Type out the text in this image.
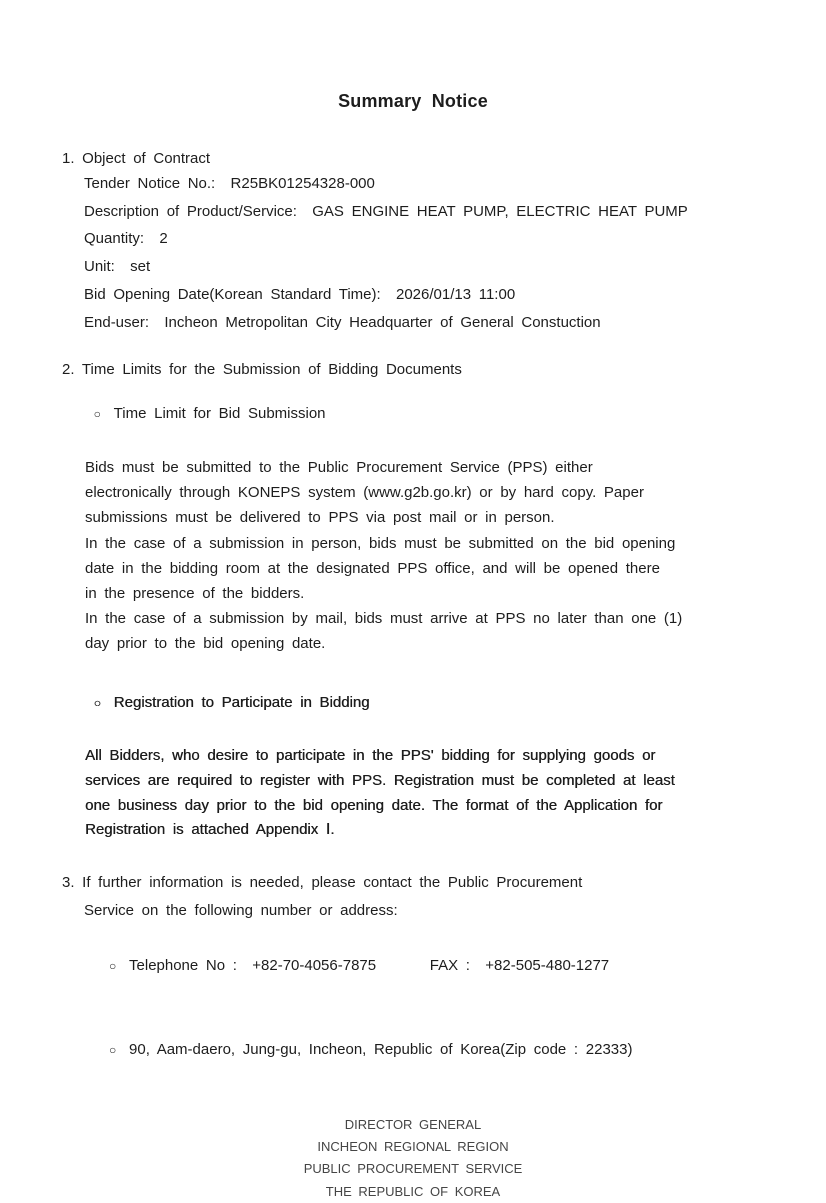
Summary Notice
1. Object of Contract
Tender Notice No.:  R25BK01254328-000
Description of Product/Service:  GAS ENGINE HEAT PUMP, ELECTRIC HEAT PUMP
Quantity:  2
Unit:  set
Bid Opening Date(Korean Standard Time):  2026/01/13 11:00
End-user:  Incheon Metropolitan City Headquarter of General Constuction
2. Time Limits for the Submission of Bidding Documents

○ Time Limit for Bid Submission

Bids must be submitted to the Public Procurement Service (PPS) either
electronically through KONEPS system (www.g2b.go.kr) or by hard copy. Paper
submissions must be delivered to PPS via post mail or in person.
In the case of a submission in person, bids must be submitted on the bid opening
date in the bidding room at the designated PPS office, and will be opened there
in the presence of the bidders.
In the case of a submission by mail, bids must arrive at PPS no later than one (1)
day prior to the bid opening date.

○ Registration to Participate in Bidding

All Bidders, who desire to participate in the PPS' bidding for supplying goods or
services are required to register with PPS. Registration must be completed at least
one business day prior to the bid opening date. The format of the Application for
Registration is attached Appendix Ⅰ.
3. If further information is needed, please contact the Public Procurement
Service on the following number or address:

○ Telephone No :  +82-70-4056-7875       FAX :  +82-505-480-1277

○ 90, Aam-daero, Jung-gu, Incheon, Republic of Korea(Zip code : 22333)

DIRECTOR GENERAL
INCHEON REGIONAL REGION
PUBLIC PROCUREMENT SERVICE
THE REPUBLIC OF KOREA
